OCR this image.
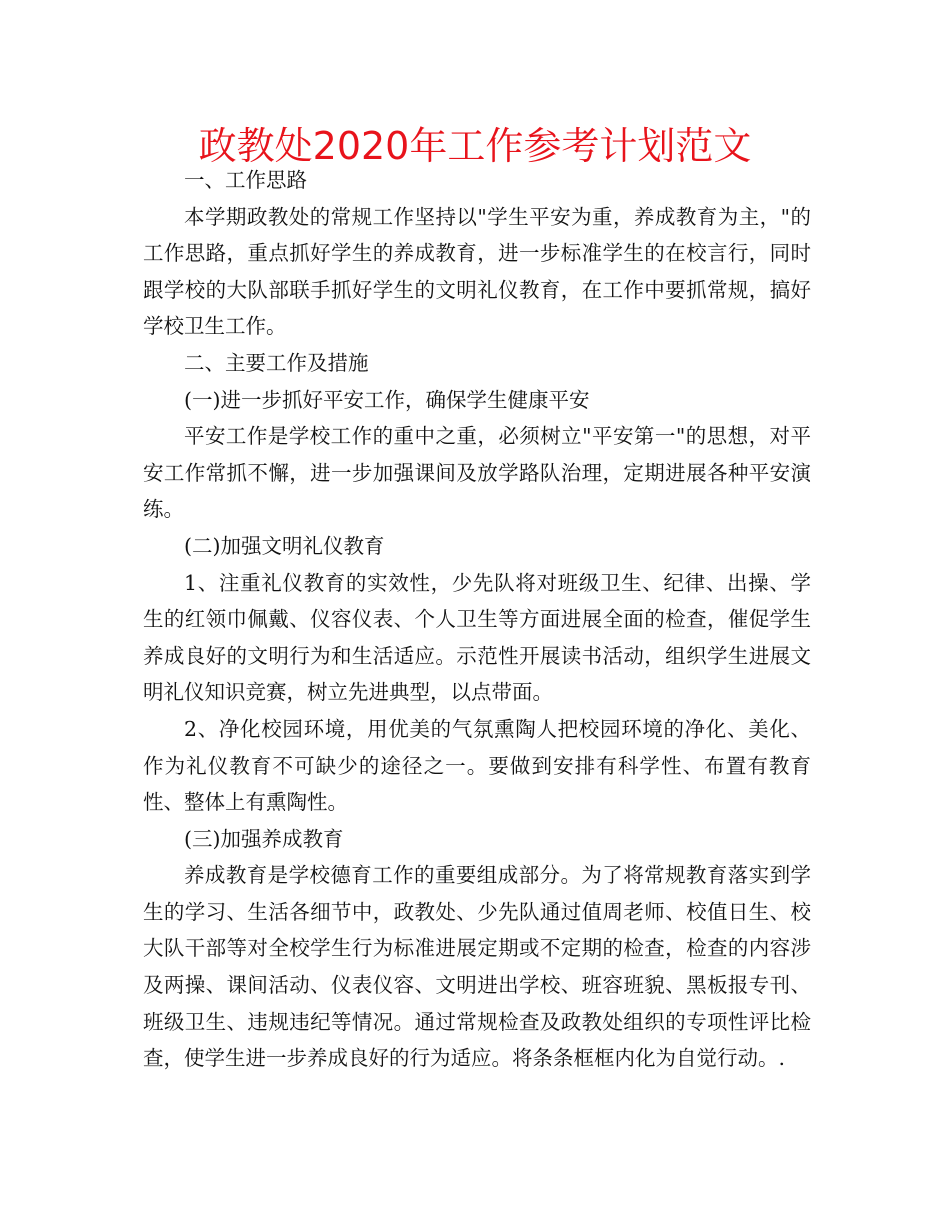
政教处2020年工作参考计划范文

一、工作思路

本学期政教处的常规工作坚持以"学生平安为重，养成教育为主，"的工作思路，重点抓好学生的养成教育，进一步标准学生的在校言行，同时跟学校的大队部联手抓好学生的文明礼仪教育，在工作中要抓常规，搞好学校卫生工作。

二、主要工作及措施

(一)进一步抓好平安工作，确保学生健康平安

平安工作是学校工作的重中之重，必须树立"平安第一"的思想，对平安工作常抓不懈，进一步加强课间及放学路队治理，定期进展各种平安演练。

(二)加强文明礼仪教育

1、注重礼仪教育的实效性，少先队将对班级卫生、纪律、出操、学生的红领巾佩戴、仪容仪表、个人卫生等方面进展全面的检查，催促学生养成良好的文明行为和生活适应。示范性开展读书活动，组织学生进展文明礼仪知识竞赛，树立先进典型，以点带面。

2、净化校园环境，用优美的气氛熏陶人把校园环境的净化、美化、作为礼仪教育不可缺少的途径之一。要做到安排有科学性、布置有教育性、整体上有熏陶性。

(三)加强养成教育

养成教育是学校德育工作的重要组成部分。为了将常规教育落实到学生的学习、生活各细节中，政教处、少先队通过值周老师、校值日生、校大队干部等对全校学生行为标准进展定期或不定期的检查，检查的内容涉及两操、课间活动、仪表仪容、文明进出学校、班容班貌、黑板报专刊、班级卫生、违规违纪等情况。通过常规检查及政教处组织的专项性评比检查，使学生进一步养成良好的行为适应。将条条框框内化为自觉行动。.
